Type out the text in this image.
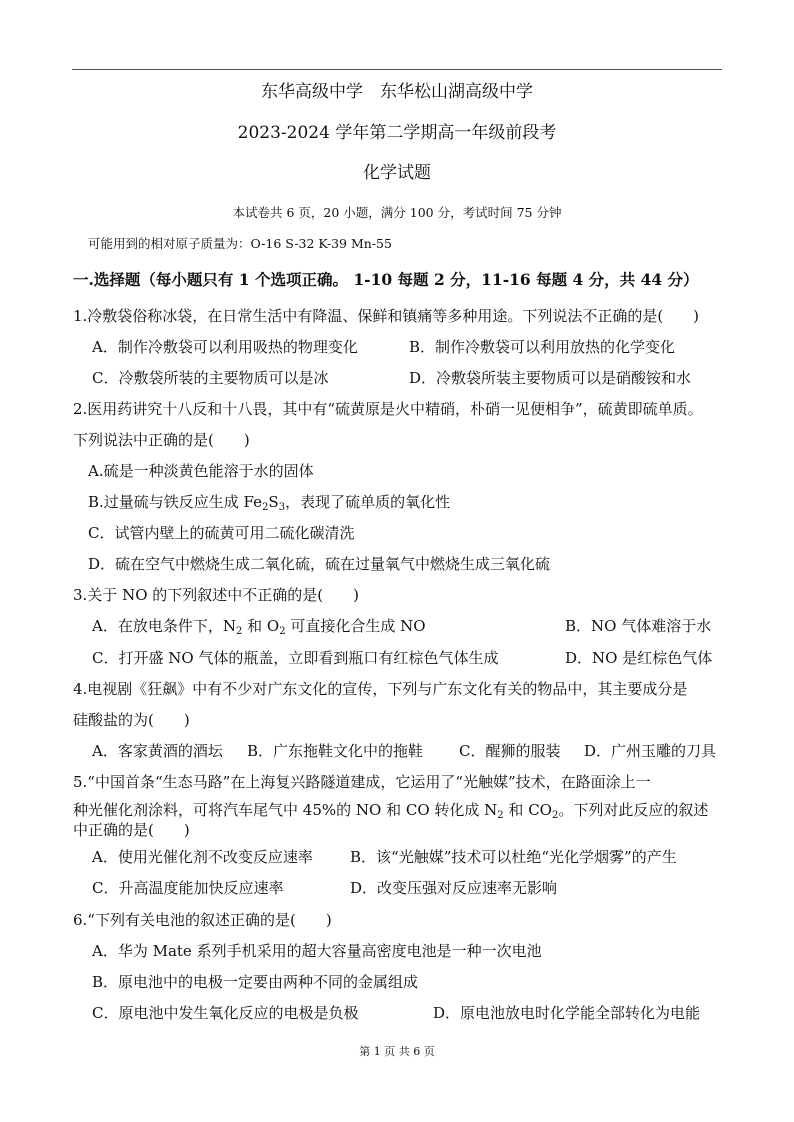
东华高级中学　东华松山湖高级中学
2023-2024 学年第二学期高一年级前段考
化学试题
本试卷共 6 页，20 小题，满分 100 分，考试时间 75 分钟
可能用到的相对原子质量为：O-16 S-32 K-39 Mn-55
一.选择题（每小题只有 1 个选项正确。 1-10 每题 2 分，11-16 每题 4 分，共 44 分）
1.冷敷袋俗称冰袋，在日常生活中有降温、保鲜和镇痛等多种用途。下列说法不正确的是(　　)
A．制作冷敷袋可以利用吸热的物理变化	B．制作冷敷袋可以利用放热的化学变化
C．冷敷袋所装的主要物质可以是冰	D．冷敷袋所装主要物质可以是硝酸铵和水
2.医用药讲究十八反和十八畏，其中有“硫黄原是火中精硝，朴硝一见便相争”，硫黄即硫单质。
下列说法中正确的是(　　)
A.硫是一种淡黄色能溶于水的固体
B.过量硫与铁反应生成 $Fe_2S_3$，表现了硫单质的氧化性
C．试管内壁上的硫黄可用二硫化碳清洗
D．硫在空气中燃烧生成二氧化硫，硫在过量氧气中燃烧生成三氧化硫
3.关于 NO 的下列叙述中不正确的是(　　)
A．在放电条件下，$N_2$ 和 $O_2$ 可直接化合生成 NO	B．NO 气体难溶于水
C．打开盛 NO 气体的瓶盖，立即看到瓶口有红棕色气体生成	D．NO 是红棕色气体
4.电视剧《狂飙》中有不少对广东文化的宣传，下列与广东文化有关的物品中，其主要成分是
硅酸盐的为(　　)
A．客家黄酒的酒坛 B．广东拖鞋文化中的拖鞋 C．醒狮的服装 D．广州玉雕的刀具
5.“中国首条“生态马路”在上海复兴路隧道建成，它运用了“光触媒”技术，在路面涂上一
种光催化剂涂料，可将汽车尾气中 45%的 NO 和 CO 转化成 $N_2$ 和 $CO_2$。下列对此反应的叙述
中正确的是(　　)
A．使用光催化剂不改变反应速率 B．该“光触媒”技术可以杜绝“光化学烟雾”的产生
C．升高温度能加快反应速率	D．改变压强对反应速率无影响
6.“下列有关电池的叙述正确的是(　　)
A．华为 Mate 系列手机采用的超大容量高密度电池是一种一次电池
B．原电池中的电极一定要由两种不同的金属组成
C．原电池中发生氧化反应的电极是负极	D．原电池放电时化学能全部转化为电能
第 1 页 共 6 页
